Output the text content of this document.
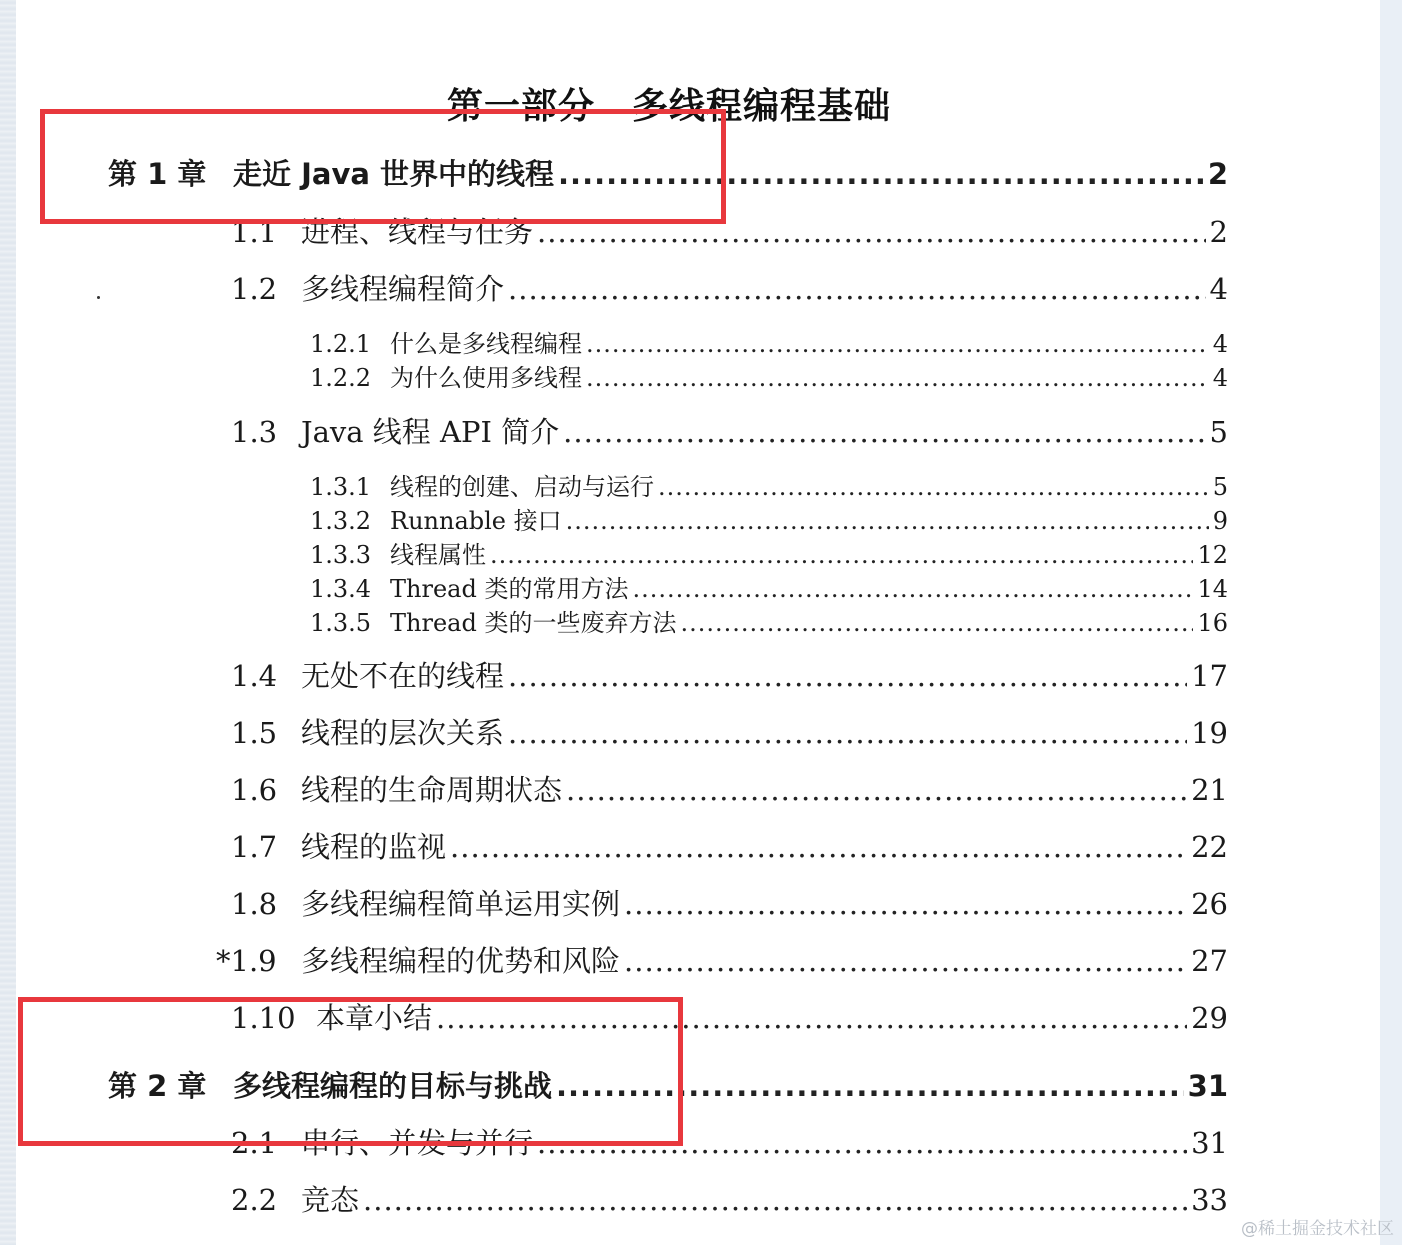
第一部分　多线程编程基础
第 1 章 走近 Java 世界中的线程 .....	2
1.1 进程、线程与任务 .....	2
1.2 多线程编程简介 .....	4
1.2.1 什么是多线程编程 .....	4
1.2.2 为什么使用多线程 .....	4
1.3 Java 线程 API 简介 .....	5
1.3.1 线程的创建、启动与运行 .....	5
1.3.2 Runnable 接口 .....	9
1.3.3 线程属性 .....	12
1.3.4 Thread 类的常用方法 .....	14
1.3.5 Thread 类的一些废弃方法 .....	16
1.4 无处不在的线程 .....	17
1.5 线程的层次关系 .....	19
1.6 线程的生命周期状态 .....	21
1.7 线程的监视 .....	22
1.8 多线程编程简单运用实例 .....	26
*1.9 多线程编程的优势和风险 .....	27
1.10 本章小结 .....	29
第 2 章 多线程编程的目标与挑战 .....	31
2.1 串行、并发与并行 .....	31
2.2 竞态 .....	33
@稀土掘金技术社区
